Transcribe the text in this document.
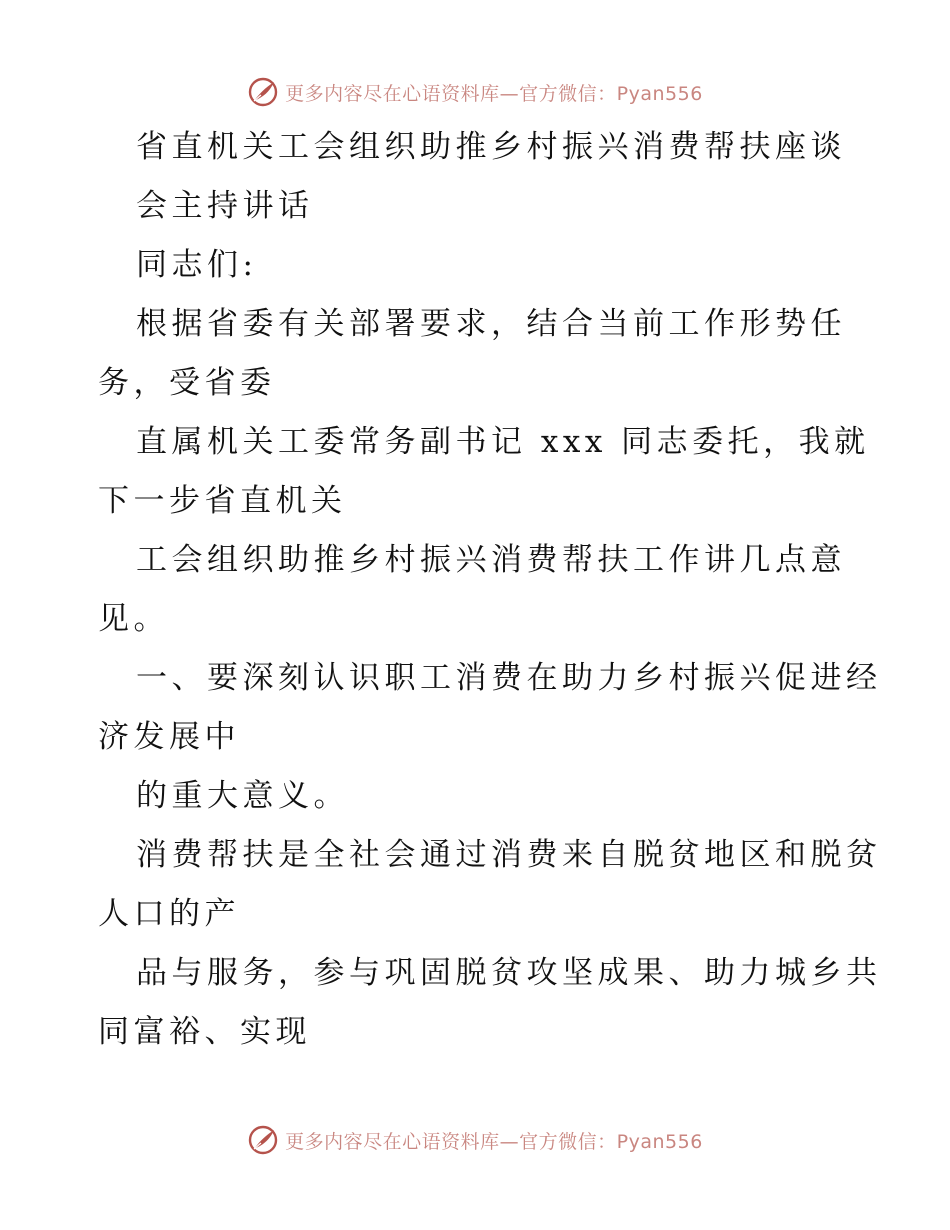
更多内容尽在心语资料库—官方微信：Pyan556
省直机关工会组织助推乡村振兴消费帮扶座谈
会主持讲话
同志们:
根据省委有关部署要求，结合当前工作形势任
务，受省委
直属机关工委常务副书记 xxx 同志委托，我就
下一步省直机关
工会组织助推乡村振兴消费帮扶工作讲几点意
见。
一、要深刻认识职工消费在助力乡村振兴促进经
济发展中
的重大意义。
消费帮扶是全社会通过消费来自脱贫地区和脱贫
人口的产
品与服务，参与巩固脱贫攻坚成果、助力城乡共
同富裕、实现
更多内容尽在心语资料库—官方微信：Pyan556
